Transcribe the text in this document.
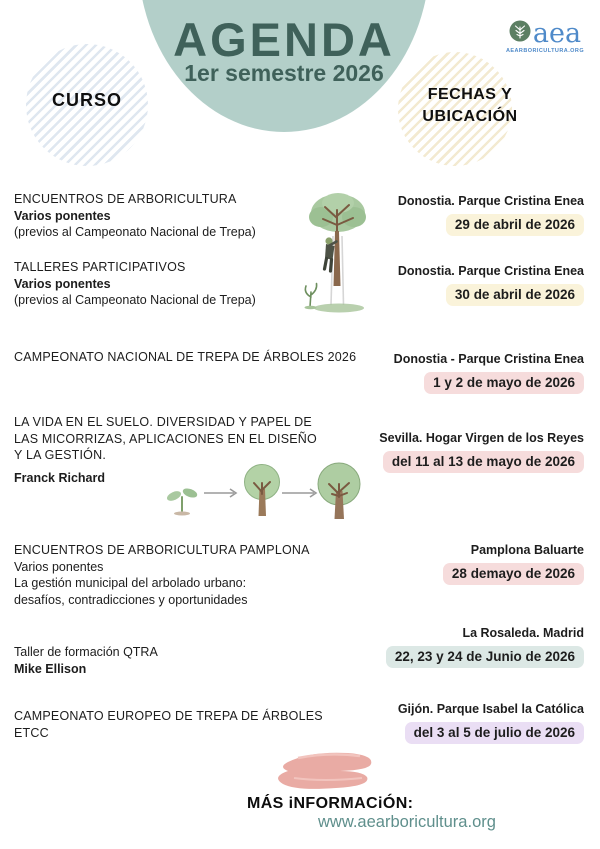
AGENDA
1er semestre 2026
CURSO	FECHAS Y
UBICACIÓN
aea
AEARBORICULTURA.ORG
ENCUENTROS DE ARBORICULTURA
Varios ponentes
(previos al Campeonato Nacional de Trepa)
Donostia. Parque Cristina Enea
29 de abril de 2026
TALLERES PARTICIPATIVOS
Varios ponentes
(previos al Campeonato Nacional de Trepa)
Donostia. Parque Cristina Enea
30 de abril de 2026
CAMPEONATO NACIONAL DE TREPA DE ÁRBOLES 2026	Donostia - Parque Cristina Enea
1 y 2 de mayo de 2026
LA VIDA EN EL SUELO. DIVERSIDAD Y PAPEL DE
LAS MICORRIZAS, APLICACIONES EN EL DISEÑO
Y LA GESTIÓN.
Franck Richard
Sevilla. Hogar Virgen de los Reyes
del 11 al 13 de mayo de 2026
ENCUENTROS DE ARBORICULTURA PAMPLONA
Varios ponentes
La gestión municipal del arbolado urbano:
desafíos, contradicciones y oportunidades
Pamplona Baluarte
28 demayo de 2026
Taller de formación QTRA
Mike Ellison
La Rosaleda. Madrid
22, 23 y 24 de Junio de 2026
CAMPEONATO EUROPEO DE TREPA DE ÁRBOLES
ETCC
Gijón. Parque Isabel la Católica
del 3 al 5 de julio de 2026
MÁS iNFORMACiÓN:
www.aearboricultura.org
